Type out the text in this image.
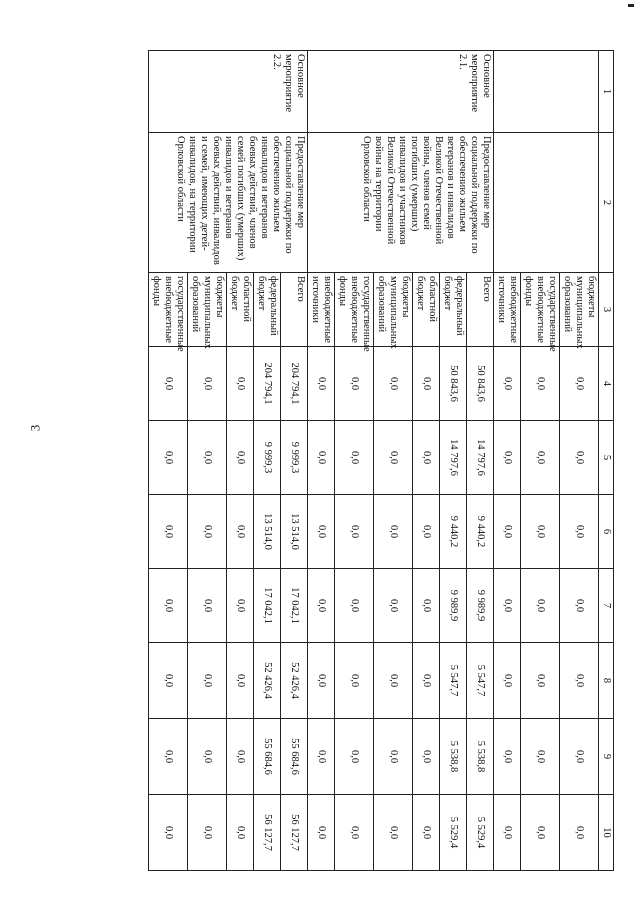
3
1	2	3	4	5	6	7	8	9	10
		бюджеты муниципальных образований	0,0	0,0	0,0	0,0	0,0	0,0	0,0
		государственные внебюджетные фонды	0,0	0,0	0,0	0,0	0,0	0,0	0,0
		внебюджетные источники	0,0	0,0	0,0	0,0	0,0	0,0	0,0
Основное мероприятие 2.1.	Предоставление мер социальной поддержки по обеспечению жильем ветеранов и инвалидов Великой Отечественной войны, членов семей погибших (умерших) инвалидов и участников Великой Отечественной войны на территории Орловской области	Всего	50 843,6	14 797,6	9 440,2	9 989,9	5 547,7	5 538,8	5 529,4
		федеральный бюджет	50 843,6	14 797,6	9 440,2	9 989,9	5 547,7	5 538,8	5 529,4
		областной бюджет	0,0	0,0	0,0	0,0	0,0	0,0	0,0
		бюджеты муниципальных образований	0,0	0,0	0,0	0,0	0,0	0,0	0,0
		государственные внебюджетные фонды	0,0	0,0	0,0	0,0	0,0	0,0	0,0
		внебюджетные источники	0,0	0,0	0,0	0,0	0,0	0,0	0,0
Основное мероприятие 2.2.	Предоставление мер социальной поддержки по обеспечению жильем инвалидов и ветеранов боевых действий, членов семей погибших (умерших) инвалидов и ветеранов боевых действий, инвалидов и семей, имеющих детей-инвалидов, на территории Орловской области	Всего	204 794,1	9 999,3	13 514,0	17 042,1	52 426,4	55 684,6	56 127,7
		федеральный бюджет	204 794,1	9 999,3	13 514,0	17 042,1	52 426,4	55 684,6	56 127,7
		областной бюджет	0,0	0,0	0,0	0,0	0,0	0,0	0,0
		бюджеты муниципальных образований	0,0	0,0	0,0	0,0	0,0	0,0	0,0
		государственные внебюджетные фонды	0,0	0,0	0,0	0,0	0,0	0,0	0,0
